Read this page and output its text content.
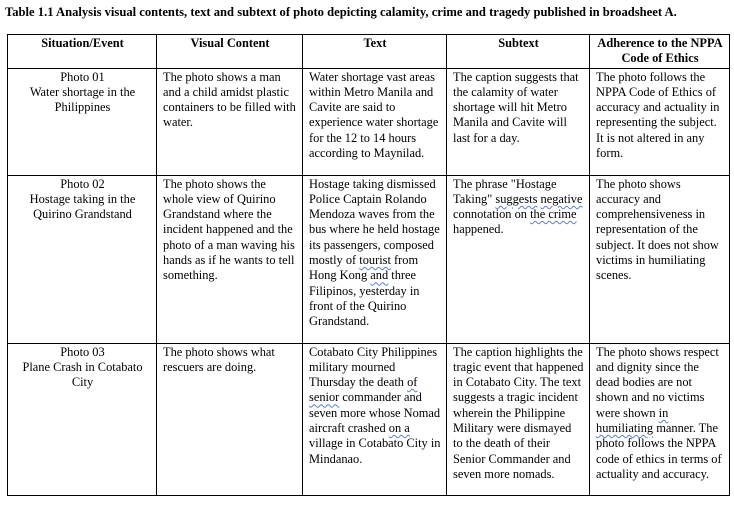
Table 1.1 Analysis visual contents, text and subtext of photo depicting calamity, crime and tragedy published in broadsheet A.
Situation/Event	Visual Content	Text	Subtext	Adherence to the NPPA Code of Ethics

Photo 01
Water shortage in the Philippines	The photo shows a man and a child amidst plastic containers to be filled with water.	Water shortage vast areas within Metro Manila and Cavite are said to experience water shortage for the 12 to 14 hours according to Maynilad.	The caption suggests that the calamity of water shortage will hit Metro Manila and Cavite will last for a day.	The photo follows the NPPA Code of Ethics of accuracy and actuality in representing the subject. It is not altered in any form.

Photo 02
Hostage taking in the Quirino Grandstand	The photo shows the whole view of Quirino Grandstand where the incident happened and the photo of a man waving his hands as if he wants to tell something.	Hostage taking dismissed Police Captain Rolando Mendoza waves from the bus where he held hostage its passengers, composed mostly of tourist from Hong Kong and three Filipinos, yesterday in front of the Quirino Grandstand.	The phrase "Hostage Taking" suggests negative connotation on the crime happened.	The photo shows accuracy and comprehensiveness in representation of the subject. It does not show victims in humiliating scenes.

Photo 03
Plane Crash in Cotabato City	The photo shows what rescuers are doing.	Cotabato City Philippines military mourned Thursday the death of senior commander and seven more whose Nomad aircraft crashed on a village in Cotabato City in Mindanao.	The caption highlights the tragic event that happened in Cotabato City. The text suggests a tragic incident wherein the Philippine Military were dismayed to the death of their Senior Commander and seven more nomads.	The photo shows respect and dignity since the dead bodies are not shown and no victims were shown in humiliating manner. The photo follows the NPPA code of ethics in terms of actuality and accuracy.
